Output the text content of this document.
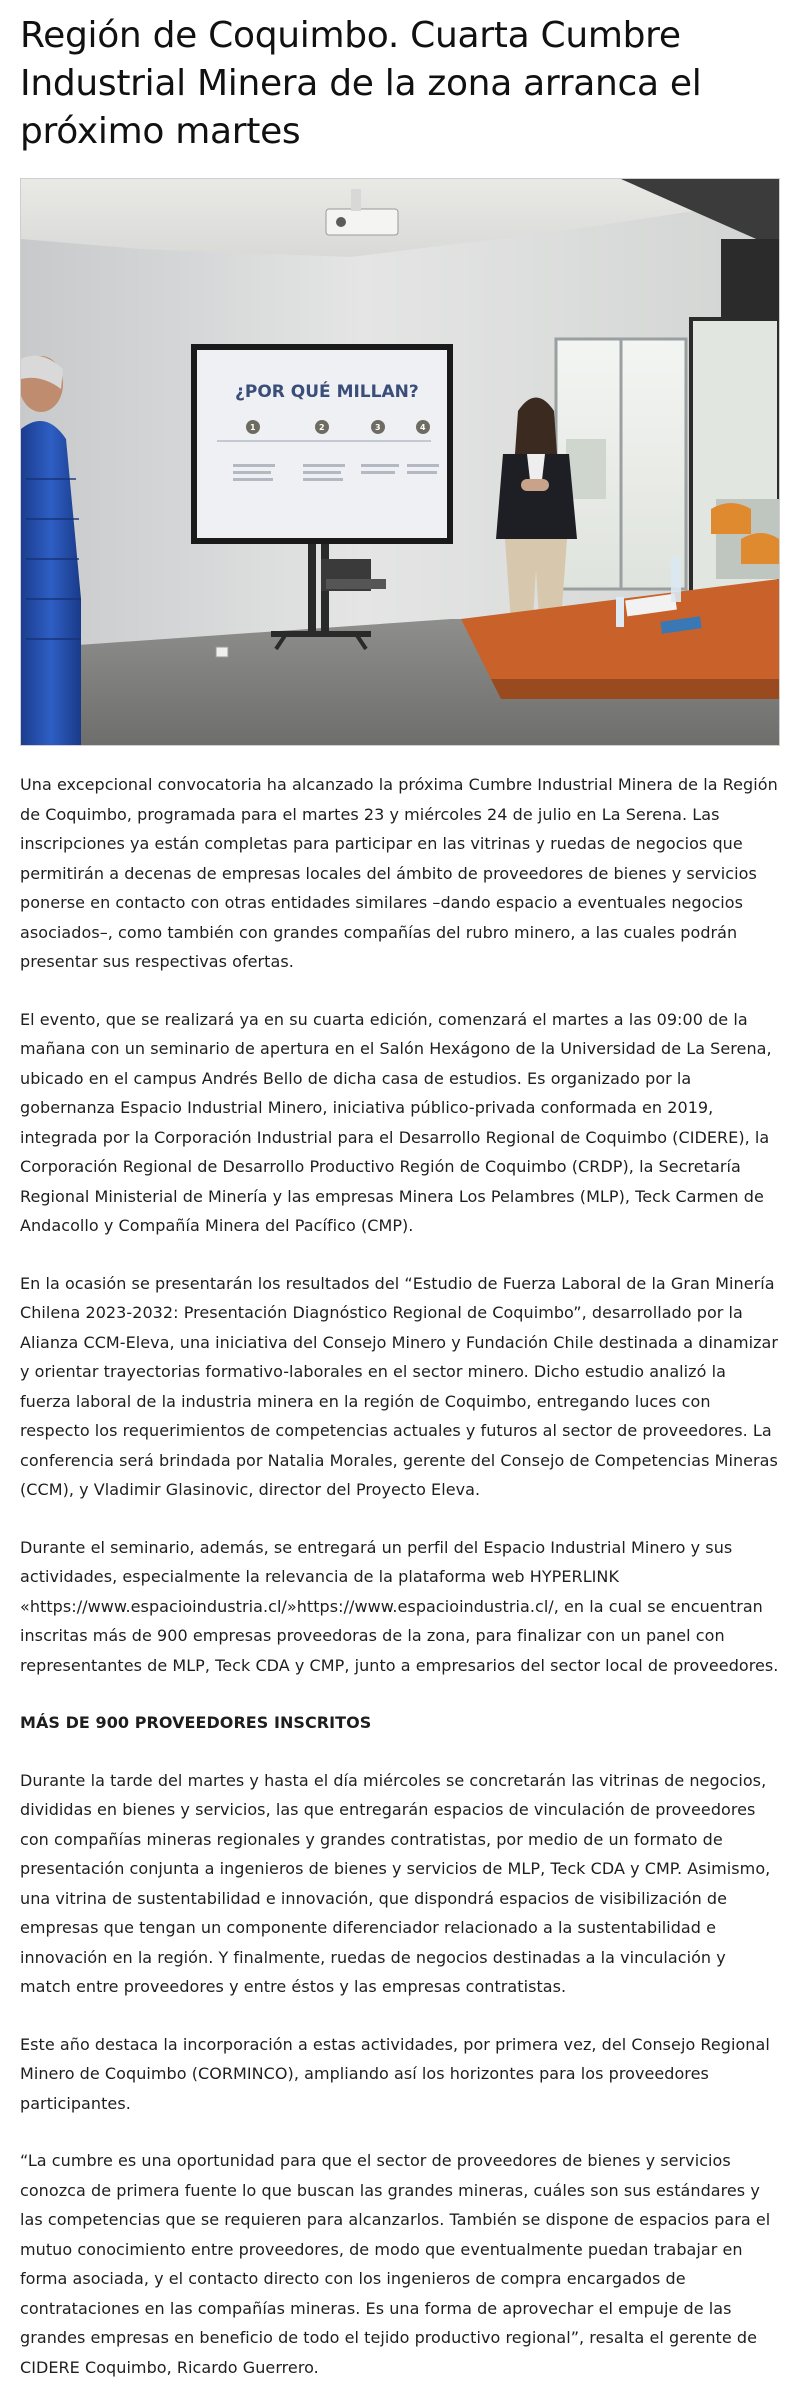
Región de Coquimbo. Cuarta Cumbre Industrial Minera de la zona arranca el próximo martes
¿POR QUÉ MILLAN?
1	2	3	4

Una excepcional convocatoria ha alcanzado la próxima Cumbre Industrial Minera de la Región de Coquimbo, programada para el martes 23 y miércoles 24 de julio en La Serena. Las inscripciones ya están completas para participar en las vitrinas y ruedas de negocios que permitirán a decenas de empresas locales del ámbito de proveedores de bienes y servicios ponerse en contacto con otras entidades similares –dando espacio a eventuales negocios asociados–, como también con grandes compañías del rubro minero, a las cuales podrán presentar sus respectivas ofertas.

El evento, que se realizará ya en su cuarta edición, comenzará el martes a las 09:00 de la mañana con un seminario de apertura en el Salón Hexágono de la Universidad de La Serena, ubicado en el campus Andrés Bello de dicha casa de estudios. Es organizado por la gobernanza Espacio Industrial Minero, iniciativa público-privada conformada en 2019, integrada por la Corporación Industrial para el Desarrollo Regional de Coquimbo (CIDERE), la Corporación Regional de Desarrollo Productivo Región de Coquimbo (CRDP), la Secretaría Regional Ministerial de Minería y las empresas Minera Los Pelambres (MLP), Teck Carmen de Andacollo y Compañía Minera del Pacífico (CMP).

En la ocasión se presentarán los resultados del “Estudio de Fuerza Laboral de la Gran Minería Chilena 2023-2032: Presentación Diagnóstico Regional de Coquimbo”, desarrollado por la Alianza CCM-Eleva, una iniciativa del Consejo Minero y Fundación Chile destinada a dinamizar y orientar trayectorias formativo-laborales en el sector minero. Dicho estudio analizó la fuerza laboral de la industria minera en la región de Coquimbo, entregando luces con respecto los requerimientos de competencias actuales y futuros al sector de proveedores. La conferencia será brindada por Natalia Morales, gerente del Consejo de Competencias Mineras (CCM), y Vladimir Glasinovic, director del Proyecto Eleva.

Durante el seminario, además, se entregará un perfil del Espacio Industrial Minero y sus actividades, especialmente la relevancia de la plataforma web HYPERLINK «https://www.espacioindustria.cl/»https://www.espacioindustria.cl/, en la cual se encuentran inscritas más de 900 empresas proveedoras de la zona, para finalizar con un panel con representantes de MLP, Teck CDA y CMP, junto a empresarios del sector local de proveedores.

MÁS DE 900 PROVEEDORES INSCRITOS

Durante la tarde del martes y hasta el día miércoles se concretarán las vitrinas de negocios, divididas en bienes y servicios, las que entregarán espacios de vinculación de proveedores con compañías mineras regionales y grandes contratistas, por medio de un formato de presentación conjunta a ingenieros de bienes y servicios de MLP, Teck CDA y CMP. Asimismo, una vitrina de sustentabilidad e innovación, que dispondrá espacios de visibilización de empresas que tengan un componente diferenciador relacionado a la sustentabilidad e innovación en la región. Y finalmente, ruedas de negocios destinadas a la vinculación y match entre proveedores y entre éstos y las empresas contratistas.

Este año destaca la incorporación a estas actividades, por primera vez, del Consejo Regional Minero de Coquimbo (CORMINCO), ampliando así los horizontes para los proveedores participantes.

“La cumbre es una oportunidad para que el sector de proveedores de bienes y servicios conozca de primera fuente lo que buscan las grandes mineras, cuáles son sus estándares y las competencias que se requieren para alcanzarlos. También se dispone de espacios para el mutuo conocimiento entre proveedores, de modo que eventualmente puedan trabajar en forma asociada, y el contacto directo con los ingenieros de compra encargados de contrataciones en las compañías mineras. Es una forma de aprovechar el empuje de las grandes empresas en beneficio de todo el tejido productivo regional”, resalta el gerente de CIDERE Coquimbo, Ricardo Guerrero.
